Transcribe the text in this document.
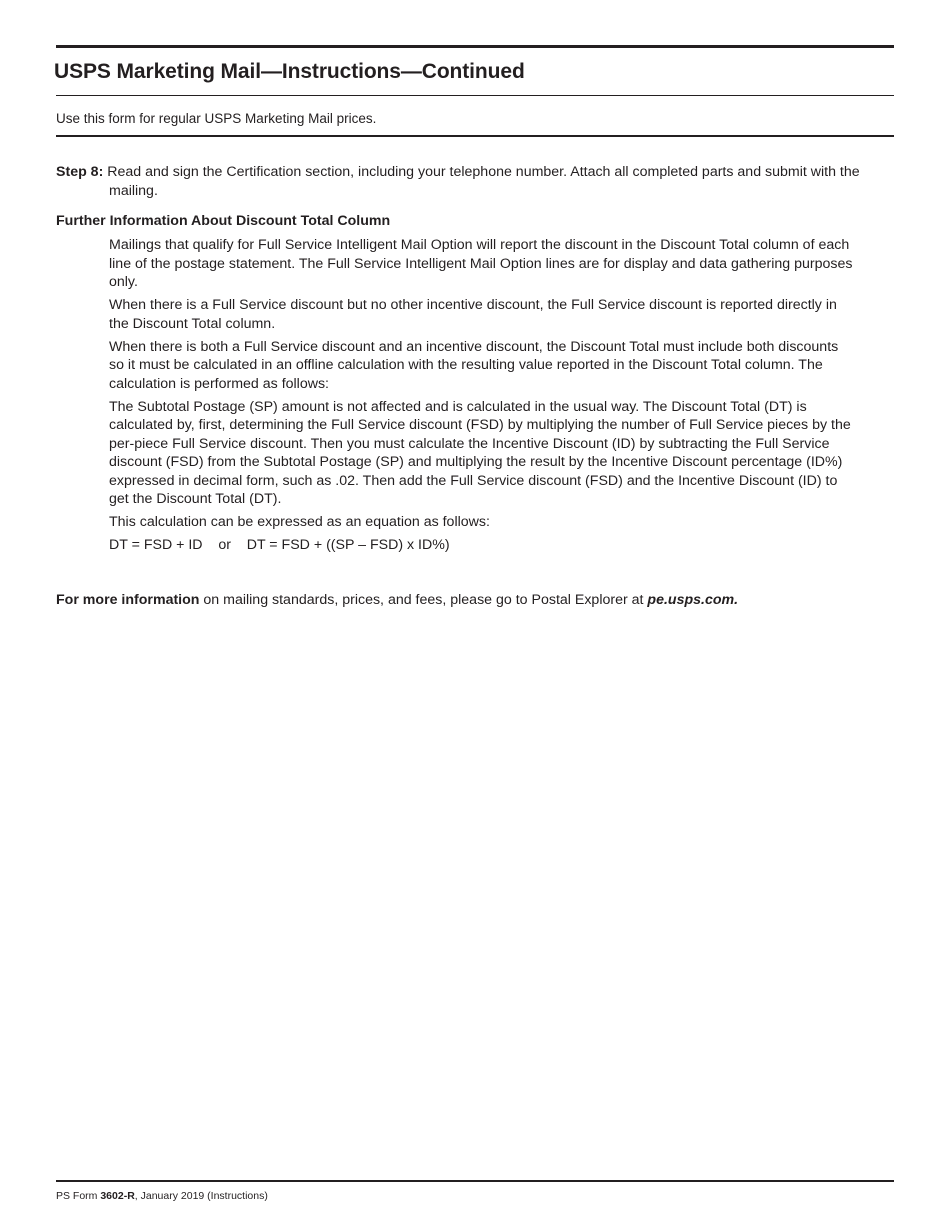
USPS Marketing Mail—Instructions—Continued
Use this form for regular USPS Marketing Mail prices.
Step 8: Read and sign the Certification section, including your telephone number. Attach all completed parts and submit with the mailing.
Further Information About Discount Total Column

Mailings that qualify for Full Service Intelligent Mail Option will report the discount in the Discount Total column of each line of the postage statement. The Full Service Intelligent Mail Option lines are for display and data gathering purposes only.

When there is a Full Service discount but no other incentive discount, the Full Service discount is reported directly in the Discount Total column.

When there is both a Full Service discount and an incentive discount, the Discount Total must include both discounts so it must be calculated in an offline calculation with the resulting value reported in the Discount Total column. The calculation is performed as follows:

The Subtotal Postage (SP) amount is not affected and is calculated in the usual way. The Discount Total (DT) is calculated by, first, determining the Full Service discount (FSD) by multiplying the number of Full Service pieces by the per-piece Full Service discount. Then you must calculate the Incentive Discount (ID) by subtracting the Full Service discount (FSD) from the Subtotal Postage (SP) and multiplying the result by the Incentive Discount percentage (ID%) expressed in decimal form, such as .02. Then add the Full Service discount (FSD) and the Incentive Discount (ID) to get the Discount Total (DT).

This calculation can be expressed as an equation as follows:

DT = FSD + ID    or    DT = FSD + ((SP – FSD) x ID%)

For more information on mailing standards, prices, and fees, please go to Postal Explorer at pe.usps.com.
PS Form 3602-R, January 2019 (Instructions)
